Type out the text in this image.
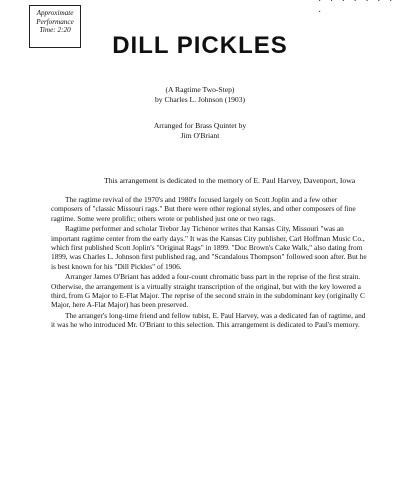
· · · · · · · ·
Approximate
Performance
Time: 2:20
DILL PICKLES
(A Ragtime Two-Step)
by Charles L. Johnson (1903)
Arranged for Brass Quintet by
Jim O'Briant
This arrangement is dedicated to the memory of E. Paul Harvey, Davenport, Iowa

The ragtime revival of the 1970's and 1980's focused largely on Scott Joplin and a few other composers of "classic Missouri rags." But there were other regional styles, and other composers of fine ragtime. Some were prolific; others wrote or published just one or two rags.

Ragtime performer and scholar Trebor Jay Tichenor writes that Kansas City, Missouri "was an important ragtime center from the early days." It was the Kansas City publisher, Carl Hoffman Music Co., which first published Scott Joplin's "Original Rags" in 1899. "Doc Brown's Cake Walk," also dating from 1899, was Charles L. Johnson first published rag, and "Scandalous Thompson" followed soon after. But he is best known for his "Dill Pickles" of 1906.

Arranger James O'Briant has added a four-count chromatic bass part in the reprise of the first strain. Otherwise, the arrangement is a virtually straight transcription of the original, but with the key lowered a third, from G Major to E-Flat Major. The reprise of the second strain in the subdominant key (originally C Major, here A-Flat Major) has been preserved.

The arranger's long-time friend and fellow tubist, E. Paul Harvey, was a dedicated fan of ragtime, and it was he who introduced Mr. O'Briant to this selection. This arrangement is dedicated to Paul's memory.
